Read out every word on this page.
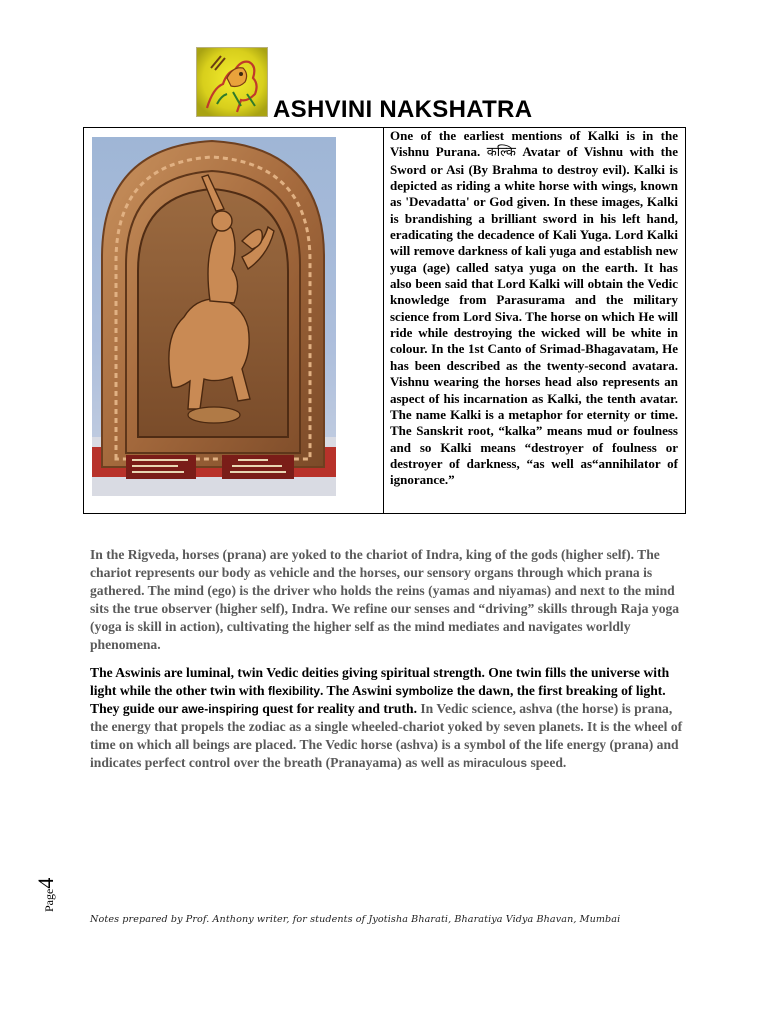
ASHVINI NAKSHATRA
One of the earliest mentions of Kalki is in the Vishnu Purana. कल्कि Avatar of Vishnu with the Sword or Asi (By Brahma to destroy evil). Kalki is depicted as riding a white horse with wings, known as 'Devadatta' or God given. In these images, Kalki is brandishing a brilliant sword in his left hand, eradicating the decadence of Kali Yuga. Lord Kalki will remove darkness of kali yuga and establish new yuga (age) called satya yuga on the earth. It has also been said that Lord Kalki will obtain the Vedic knowledge from Parasurama and the military science from Lord Siva. The horse on which He will ride while destroying the wicked will be white in colour. In the 1st Canto of Srimad-Bhagavatam, He has been described as the twenty-second avatara. Vishnu wearing the horses head also represents an aspect of his incarnation as Kalki, the tenth avatar. The name Kalki is a metaphor for eternity or time. The Sanskrit root, “kalka” means mud or foulness and so Kalki means “destroyer of foulness or destroyer of darkness, “as well as“annihilator of ignorance.”
In the Rigveda, horses (prana) are yoked to the chariot of Indra, king of the gods (higher self). The chariot represents our body as vehicle and the horses, our sensory organs through which prana is gathered. The mind (ego) is the driver who holds the reins (yamas and niyamas) and next to the mind sits the true observer (higher self), Indra. We refine our senses and “driving” skills through Raja yoga (yoga is skill in action), cultivating the higher self as the mind mediates and navigates worldly phenomena.
The Aswinis are luminal, twin Vedic deities giving spiritual strength. One twin fills the universe with light while the other twin with flexibility. The Aswini symbolize the dawn, the first breaking of light. They guide our awe-inspiring quest for reality and truth. In Vedic science, ashva (the horse) is prana, the energy that propels the zodiac as a single wheeled-chariot yoked by seven planets. It is the wheel of time on which all beings are placed. The Vedic horse (ashva) is a symbol of the life energy (prana) and indicates perfect control over the breath (Pranayama) as well as miraculous speed.
Page4
Notes prepared by Prof. Anthony writer, for students of Jyotisha Bharati, Bharatiya Vidya Bhavan, Mumbai
